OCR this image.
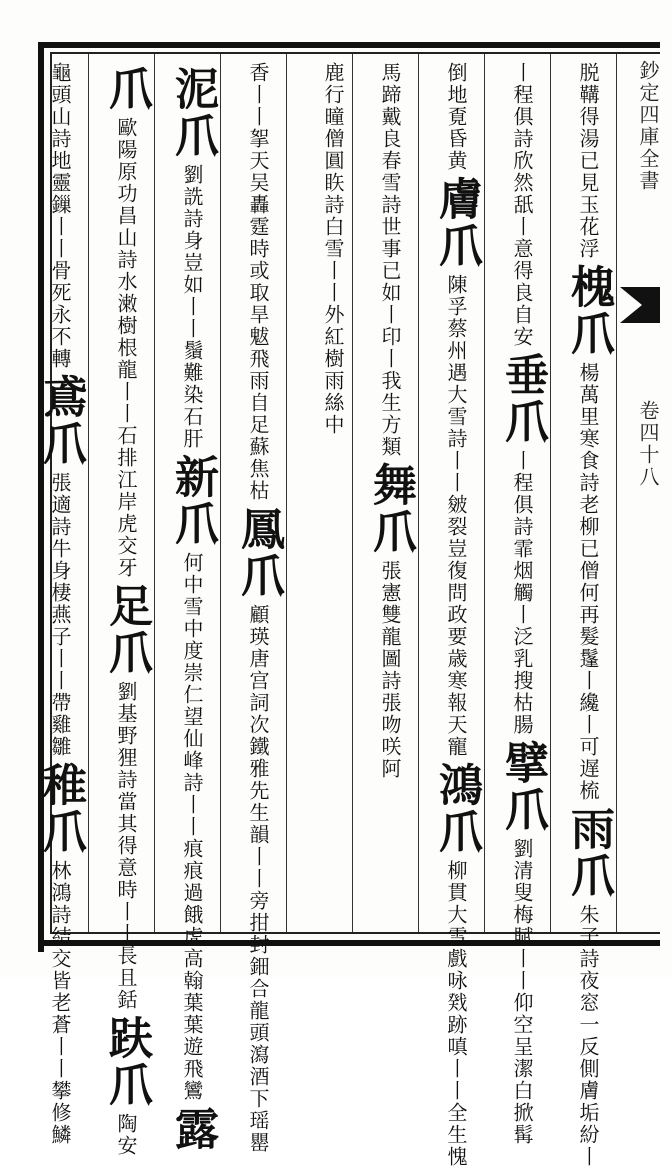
鈔定四庫全書
卷四十八
脱鞲得湯已見玉花浮槐爪楊萬里寒食詩老柳已僧何再髮鬔丨纔丨可遅梳雨爪朱子詩夜窓一反側膚垢紛丨
丨程俱詩欣然舐丨意得良自安垂爪丨程俱詩霏烟觸丨泛乳搜枯腸擘爪劉清叟梅賦丨丨仰空呈潔白掀髯
倒地覔昏黄膚爪陳孚蔡州遇大雪詩丨丨皴裂豈復問政要歳寒報天寵鴻爪柳貫大雪戲咏戣跡嗔丨丨全生愧
馬蹄戴良春雪詩世事已如丨印丨我生方類舞爪張憲雙龍圖詩張吻咲阿
鹿行曈僧圓䀢詩白雪丨丨外紅樹雨絲中
香丨丨挐天吴轟霆時或取旱魃飛雨自足蘇焦枯鳳爪顧瑛唐宫詞次鐵雅先生韻丨丨旁拑封鈿合龍頭瀉酒下瑶罌
泥爪劉詵詩身豈如丨丨鬚難染石肝新爪何中雪中度崇仁望仙峰詩丨丨痕痕過餓虎高翰葉葉遊飛鸞露
爪歐陽原功昌山詩水潄樹根龍丨丨石排江岸虎交牙足爪劉基野狸詩當其得意時丨丨長且銛趺爪陶安
龜頭山詩地靈鏁丨丨骨死永不轉鳶爪張適詩牛身棲燕子丨丨帶雞雛稚爪林鴻詩結交皆老蒼丨丨攀修鱗
